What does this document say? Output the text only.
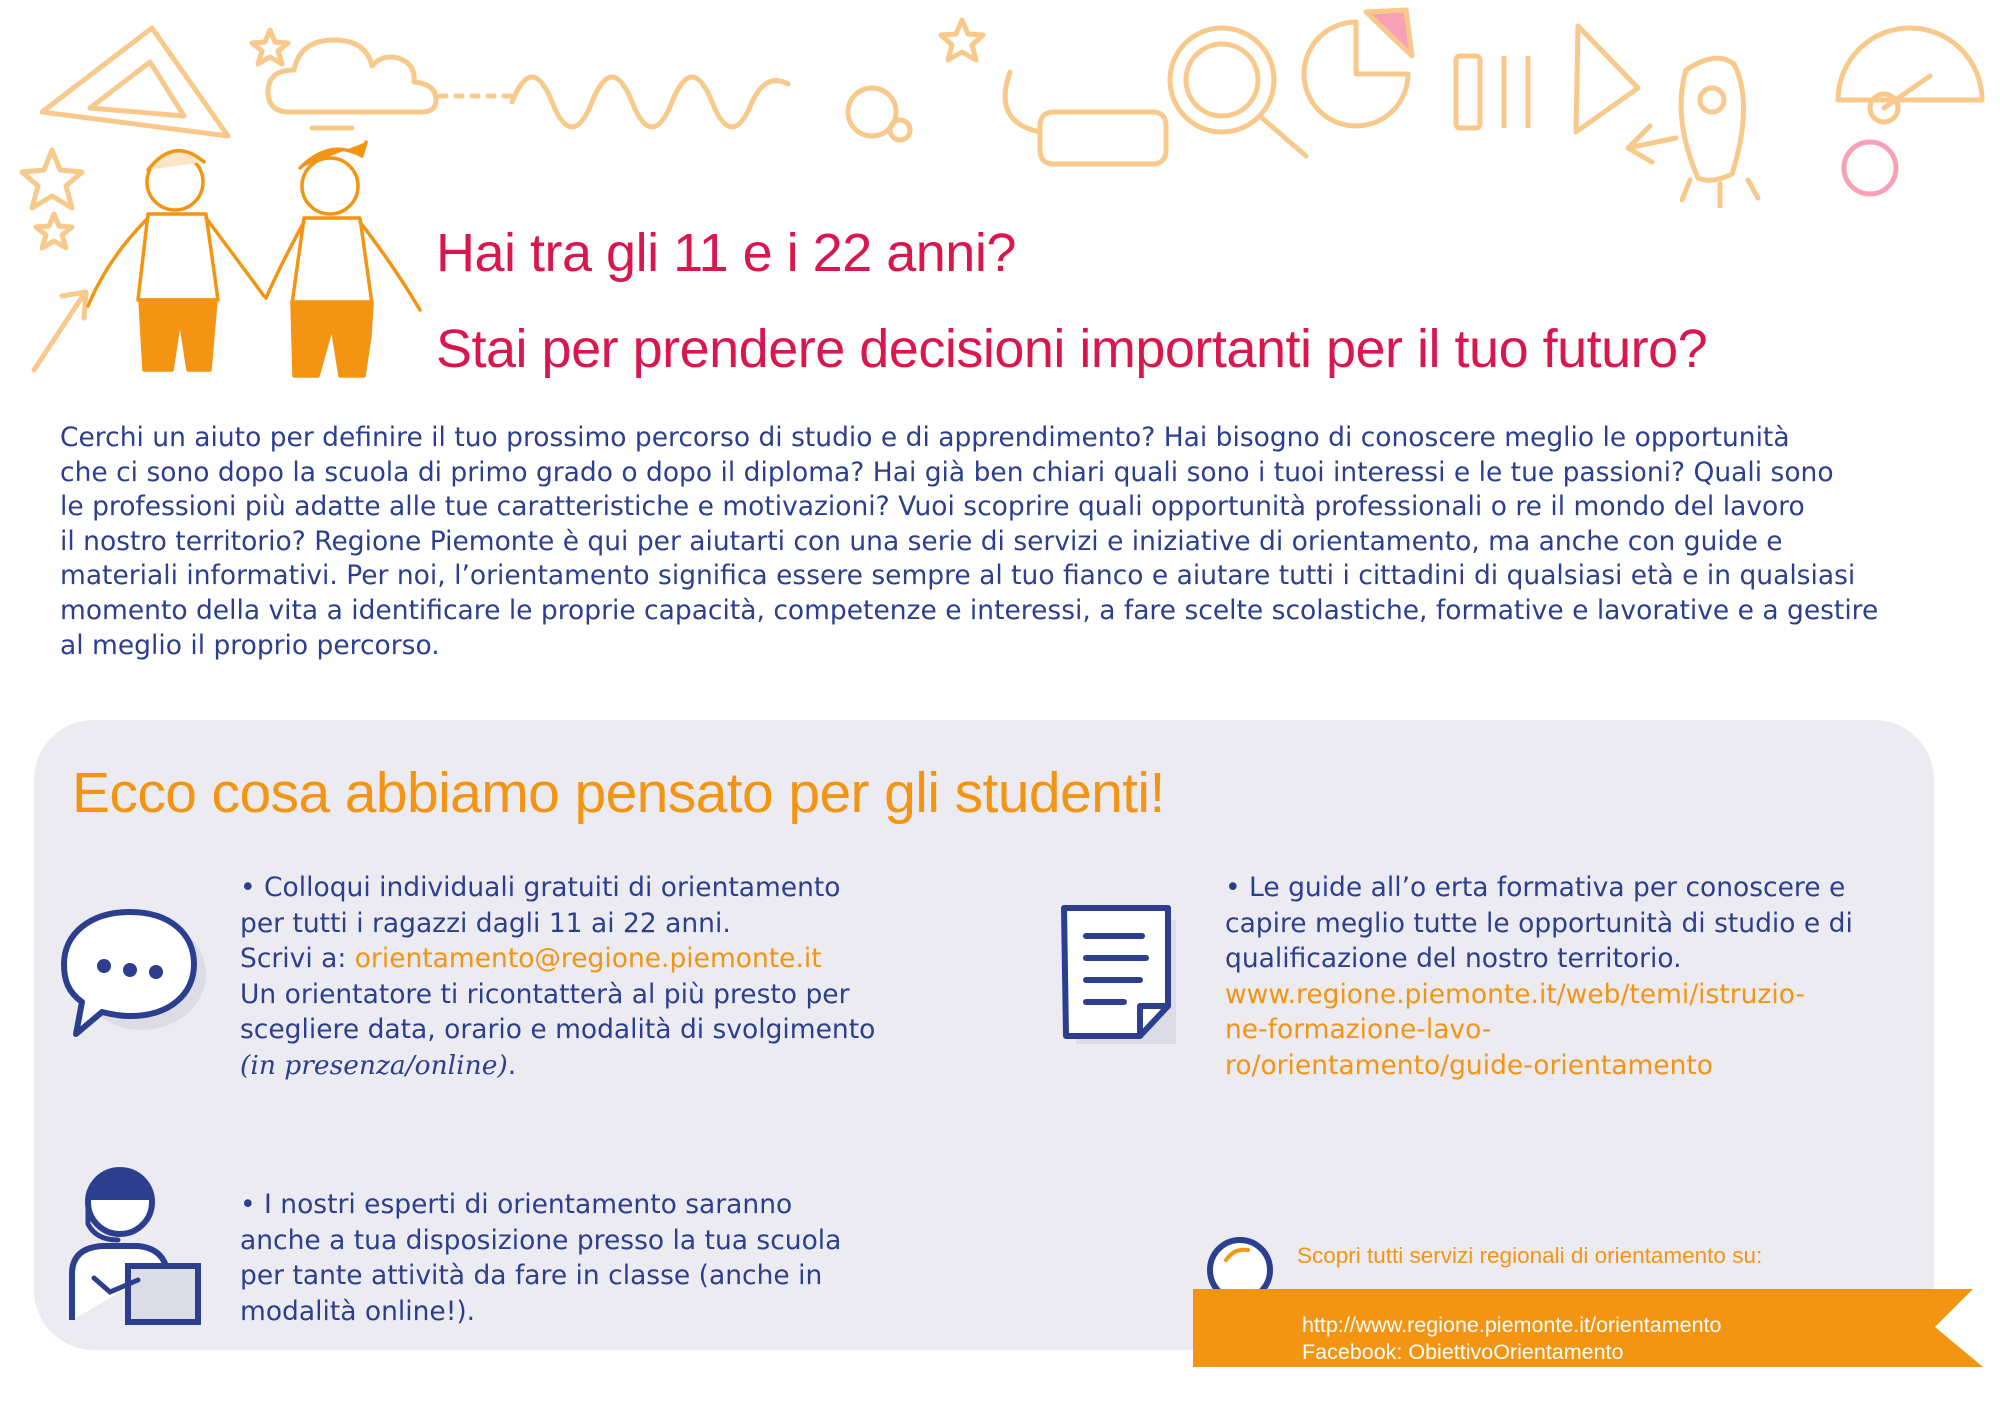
Hai tra gli 11 e i 22 anni?
Stai per prendere decisioni importanti per il tuo futuro?

Cerchi un aiuto per definire il tuo prossimo percorso di studio e di apprendimento? Hai bisogno di conoscere meglio le opportunità
che ci sono dopo la scuola di primo grado o dopo il diploma? Hai già ben chiari quali sono i tuoi interessi e le tue passioni? Quali sono
le professioni più adatte alle tue caratteristiche e motivazioni? Vuoi scoprire quali opportunità professionali o re il mondo del lavoro
il nostro territorio? Regione Piemonte è qui per aiutarti con una serie di servizi e iniziative di orientamento, ma anche con guide e
materiali informativi. Per noi, l’orientamento significa essere sempre al tuo fianco e aiutare tutti i cittadini di qualsiasi età e in qualsiasi
momento della vita a identificare le proprie capacità, competenze e interessi, a fare scelte scolastiche, formative e lavorative e a gestire
al meglio il proprio percorso.

Ecco cosa abbiamo pensato per gli studenti!
• Colloqui individuali gratuiti di orientamento
per tutti i ragazzi dagli 11 ai 22 anni.
Scrivi a: orientamento@regione.piemonte.it
Un orientatore ti ricontatterà al più presto per
scegliere data, orario e modalità di svolgimento
(in presenza/online).
• Le guide all’o erta formativa per conoscere e
capire meglio tutte le opportunità di studio e di
qualificazione del nostro territorio.
www.regione.piemonte.it/web/temi/istruzio-
ne-formazione-lavo-
ro/orientamento/guide-orientamento
• I nostri esperti di orientamento saranno
anche a tua disposizione presso la tua scuola
per tante attività da fare in classe (anche in
modalità online!).
Scopri tutti servizi regionali di orientamento su:
http://www.regione.piemonte.it/orientamento
Facebook: ObiettivoOrientamento
